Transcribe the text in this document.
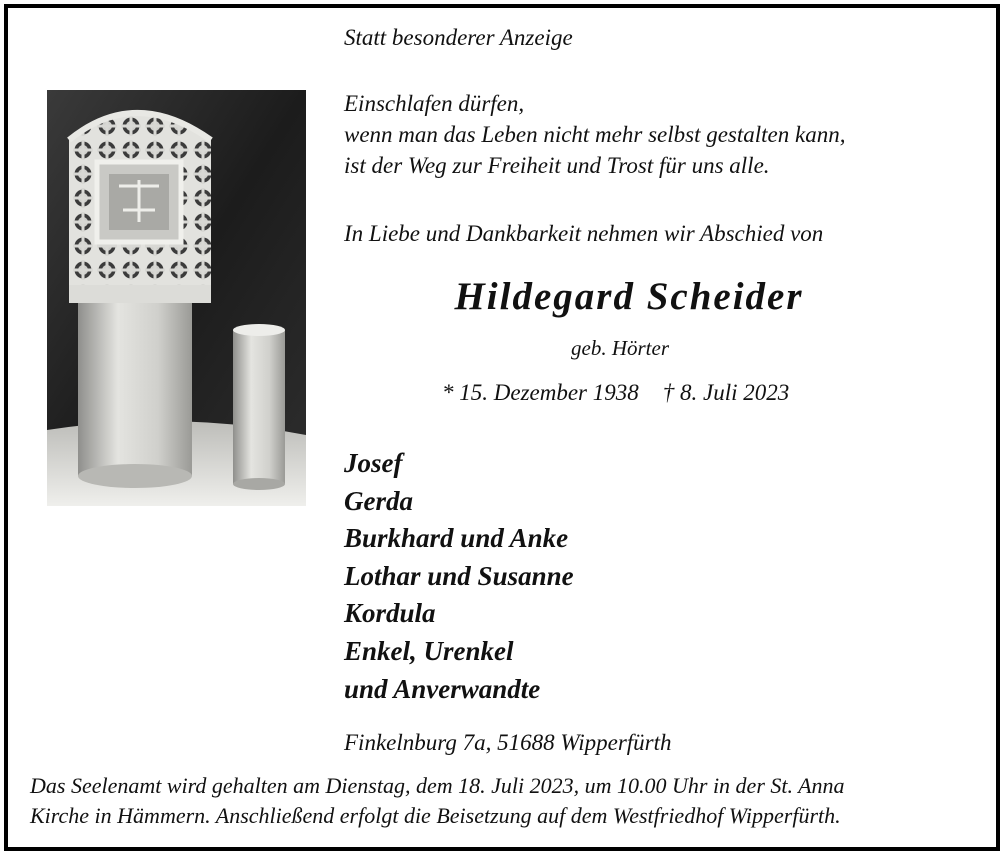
Statt besonderer Anzeige
Einschlafen dürfen,
wenn man das Leben nicht mehr selbst gestalten kann,
ist der Weg zur Freiheit und Trost für uns alle.
In Liebe und Dankbarkeit nehmen wir Abschied von
Hildegard Scheider
geb. Hörter
* 15. Dezember 1938 † 8. Juli 2023
Josef
Gerda
Burkhard und Anke
Lothar und Susanne
Kordula
Enkel, Urenkel
und Anverwandte
Finkelnburg 7a, 51688 Wipperfürth
Das Seelenamt wird gehalten am Dienstag, dem 18. Juli 2023, um 10.00 Uhr in der St. Anna
Kirche in Hämmern. Anschließend erfolgt die Beisetzung auf dem Westfriedhof Wipperfürth.
